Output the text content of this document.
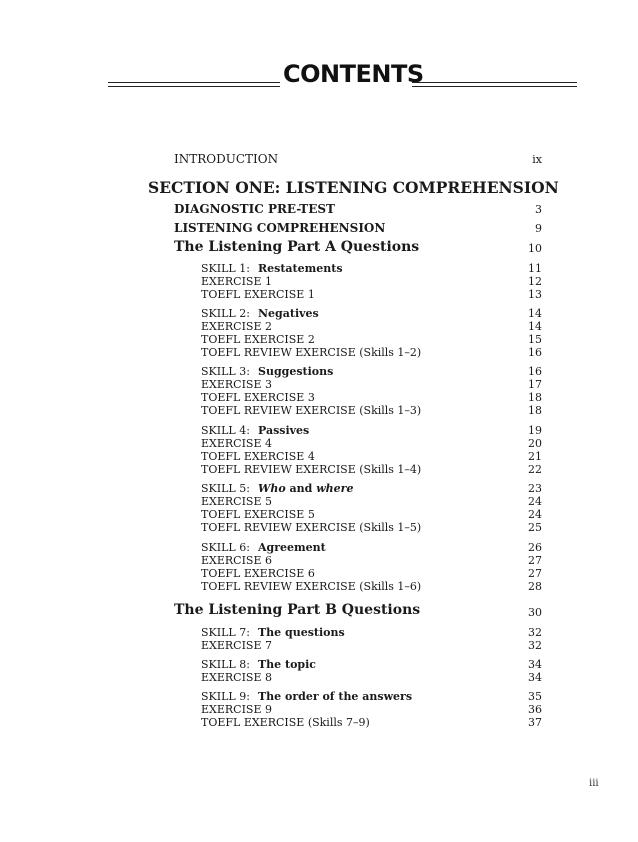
CONTENTS
INTRODUCTION	ix
SECTION ONE: LISTENING COMPREHENSION
DIAGNOSTIC PRE-TEST	3
LISTENING COMPREHENSION	9
The Listening Part A Questions	10
SKILL 1: Restatements	11
EXERCISE 1	12
TOEFL EXERCISE 1	13
SKILL 2: Negatives	14
EXERCISE 2	14
TOEFL EXERCISE 2	15
TOEFL REVIEW EXERCISE (Skills 1–2)	16
SKILL 3: Suggestions	16
EXERCISE 3	17
TOEFL EXERCISE 3	18
TOEFL REVIEW EXERCISE (Skills 1–3)	18
SKILL 4: Passives	19
EXERCISE 4	20
TOEFL EXERCISE 4	21
TOEFL REVIEW EXERCISE (Skills 1–4)	22
SKILL 5: Who and where	23
EXERCISE 5	24
TOEFL EXERCISE 5	24
TOEFL REVIEW EXERCISE (Skills 1–5)	25
SKILL 6: Agreement	26
EXERCISE 6	27
TOEFL EXERCISE 6	27
TOEFL REVIEW EXERCISE (Skills 1–6)	28
The Listening Part B Questions	30
SKILL 7: The questions	32
EXERCISE 7	32
SKILL 8: The topic	34
EXERCISE 8	34
SKILL 9: The order of the answers	35
EXERCISE 9	36
TOEFL EXERCISE (Skills 7–9)	37
iii
